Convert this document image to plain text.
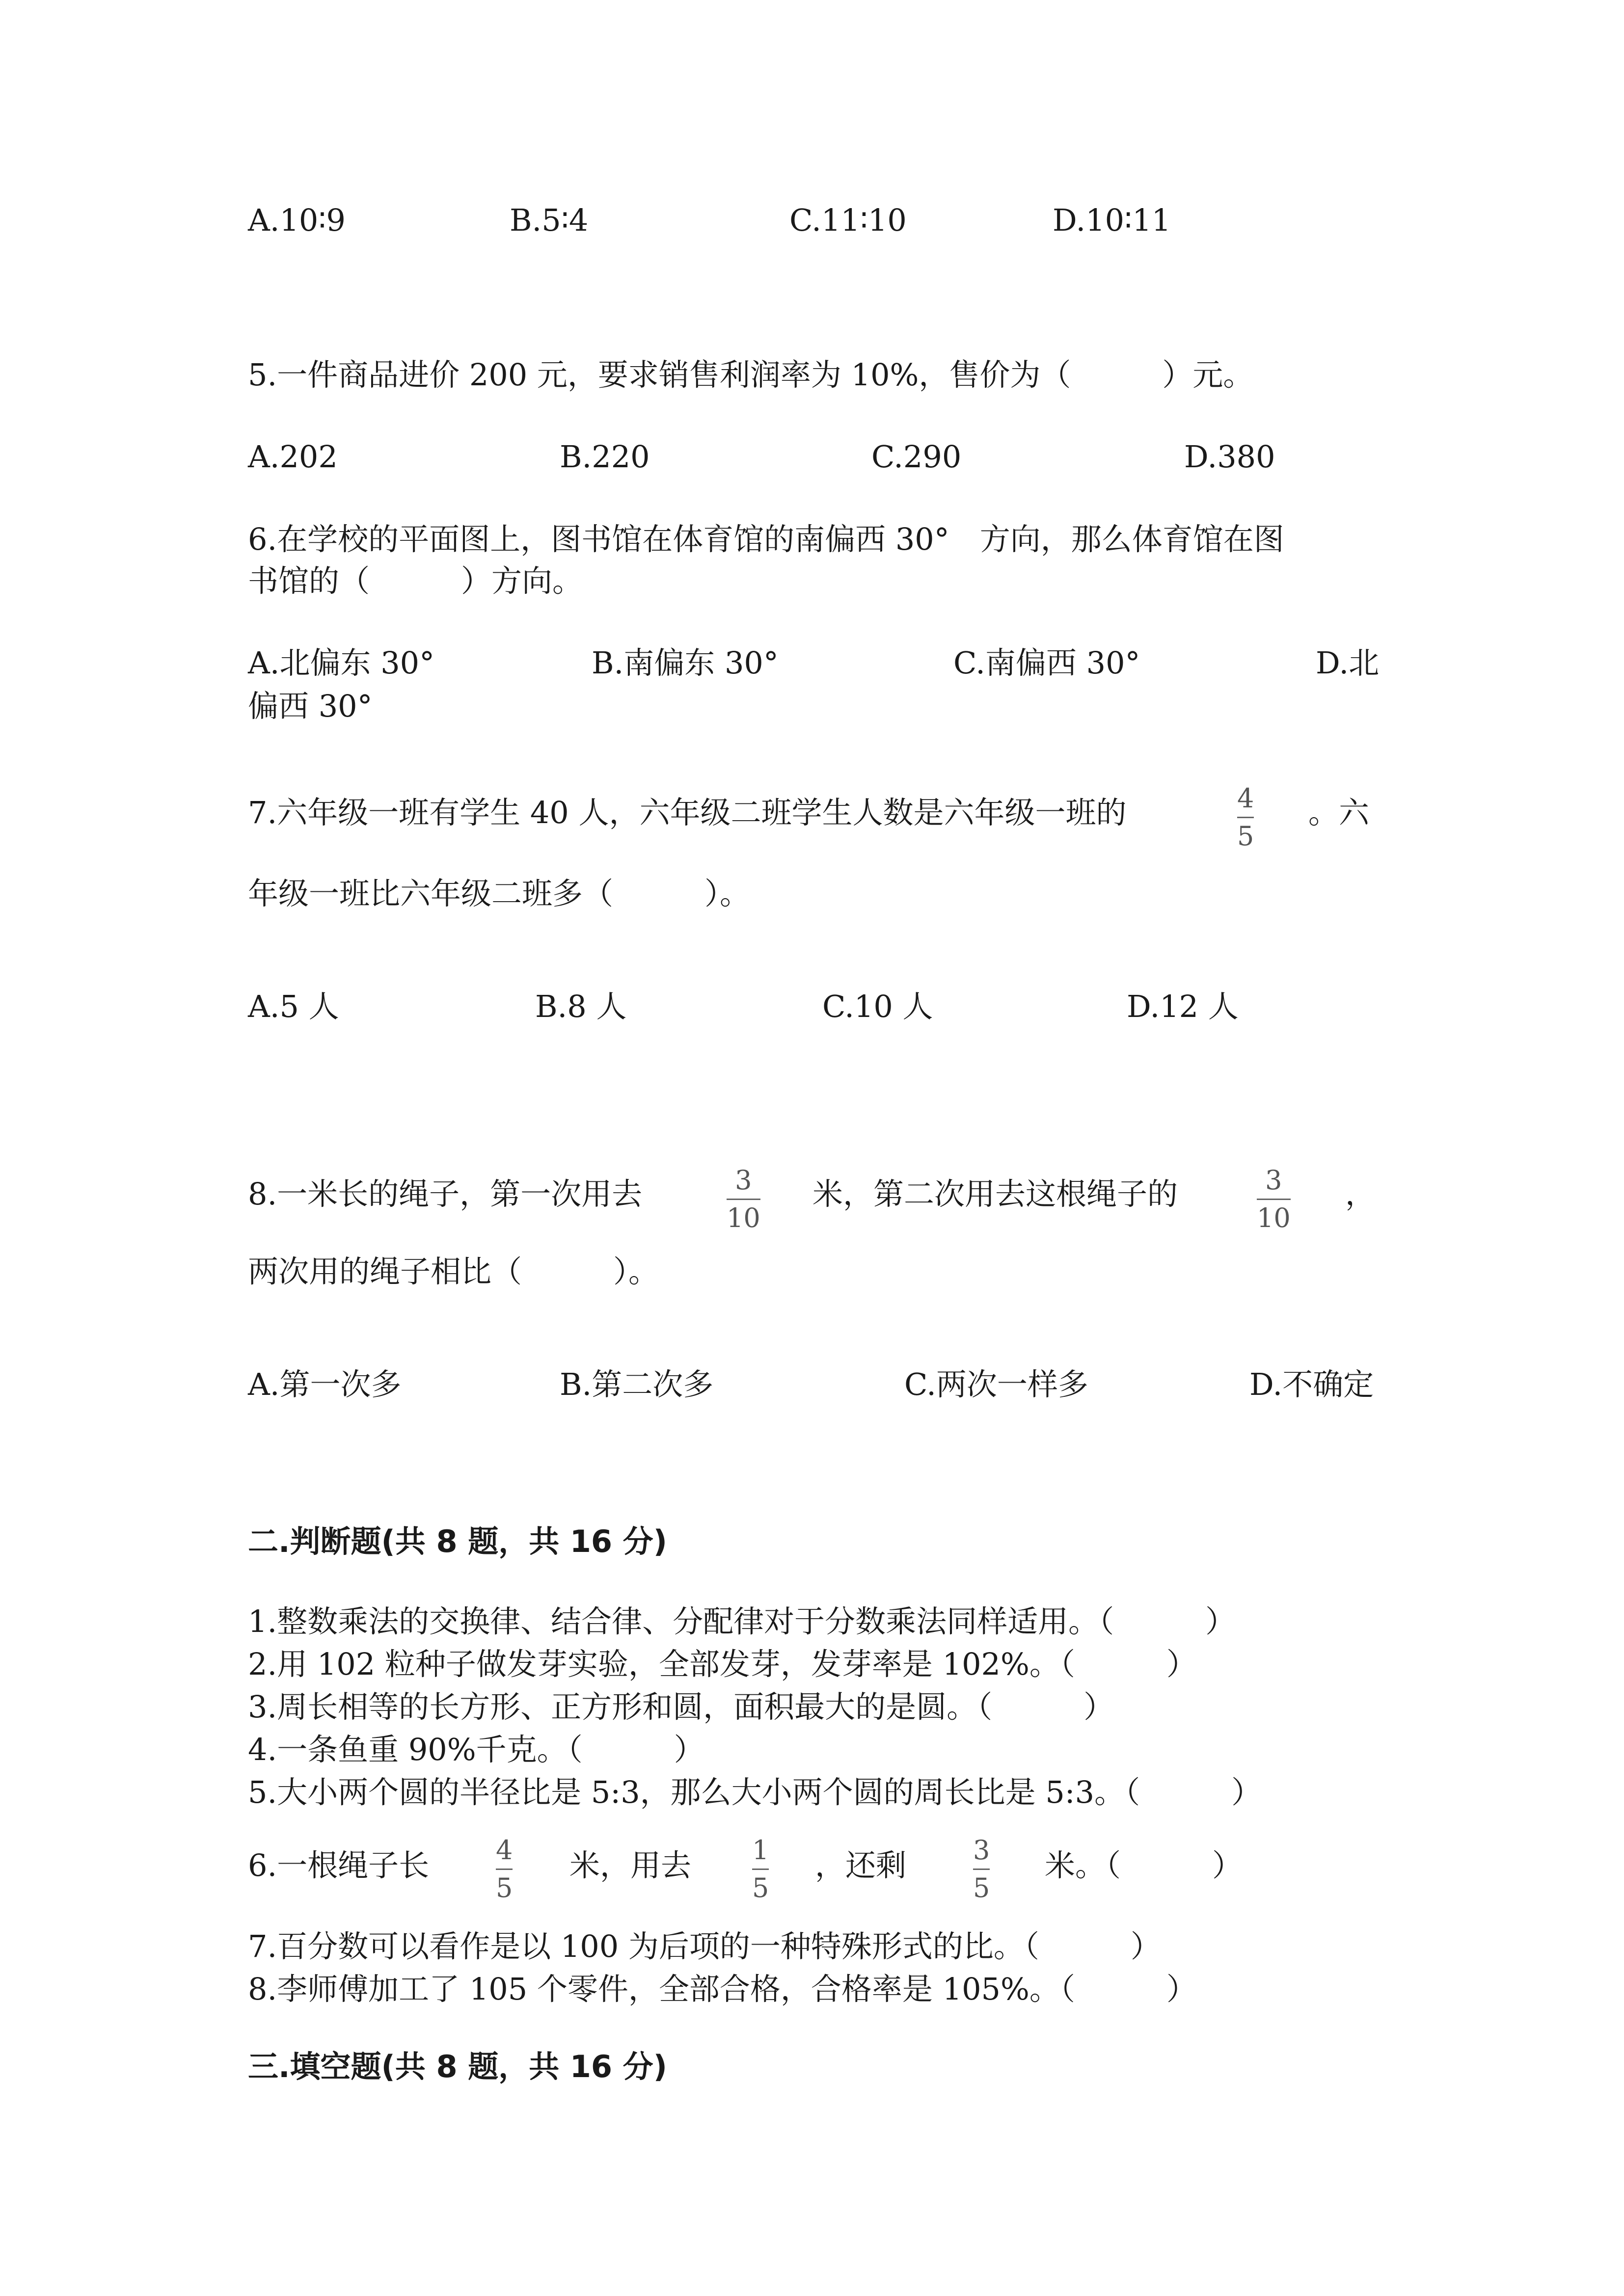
A.10∶9	B.5∶4	C.11∶10	D.10∶11
5.一件商品进价 200 元，要求销售利润率为 10%，售价为（　　　）元。
A.202	B.220	C.290	D.380
6.在学校的平面图上，图书馆在体育馆的南偏西 30°　方向，那么体育馆在图
书馆的（　　　）方向。
A.北偏东 30°	B.南偏东 30°	C.南偏西 30°	D.北
偏西 30°
7.六年级一班有学生 40 人，六年级二班学生人数是六年级一班的	4
5
。六
年级一班比六年级二班多（　　　）。
A.5 人	B.8 人	C.10 人	D.12 人
8.一米长的绳子，第一次用去	3
10
米，第二次用去这根绳子的	3
10
，
两次用的绳子相比（　　　）。
A.第一次多	B.第二次多	C.两次一样多	D.不确定
二.判断题(共 8 题，共 16 分)
1.整数乘法的交换律、结合律、分配律对于分数乘法同样适用。（　　　）
2.用 102 粒种子做发芽实验，全部发芽，发芽率是 102%。（　　　）
3.周长相等的长方形、正方形和圆，面积最大的是圆。（　　　）
4.一条鱼重 90%千克。（　　　）
5.大小两个圆的半径比是 5:3，那么大小两个圆的周长比是 5:3。（　　　）
6.一根绳子长	4
5
米，用去 1
5
，还剩	3
5
米。（　　　）
7.百分数可以看作是以 100 为后项的一种特殊形式的比。（　　　）
8.李师傅加工了 105 个零件，全部合格，合格率是 105%。（　　　）
三.填空题(共 8 题，共 16 分)
